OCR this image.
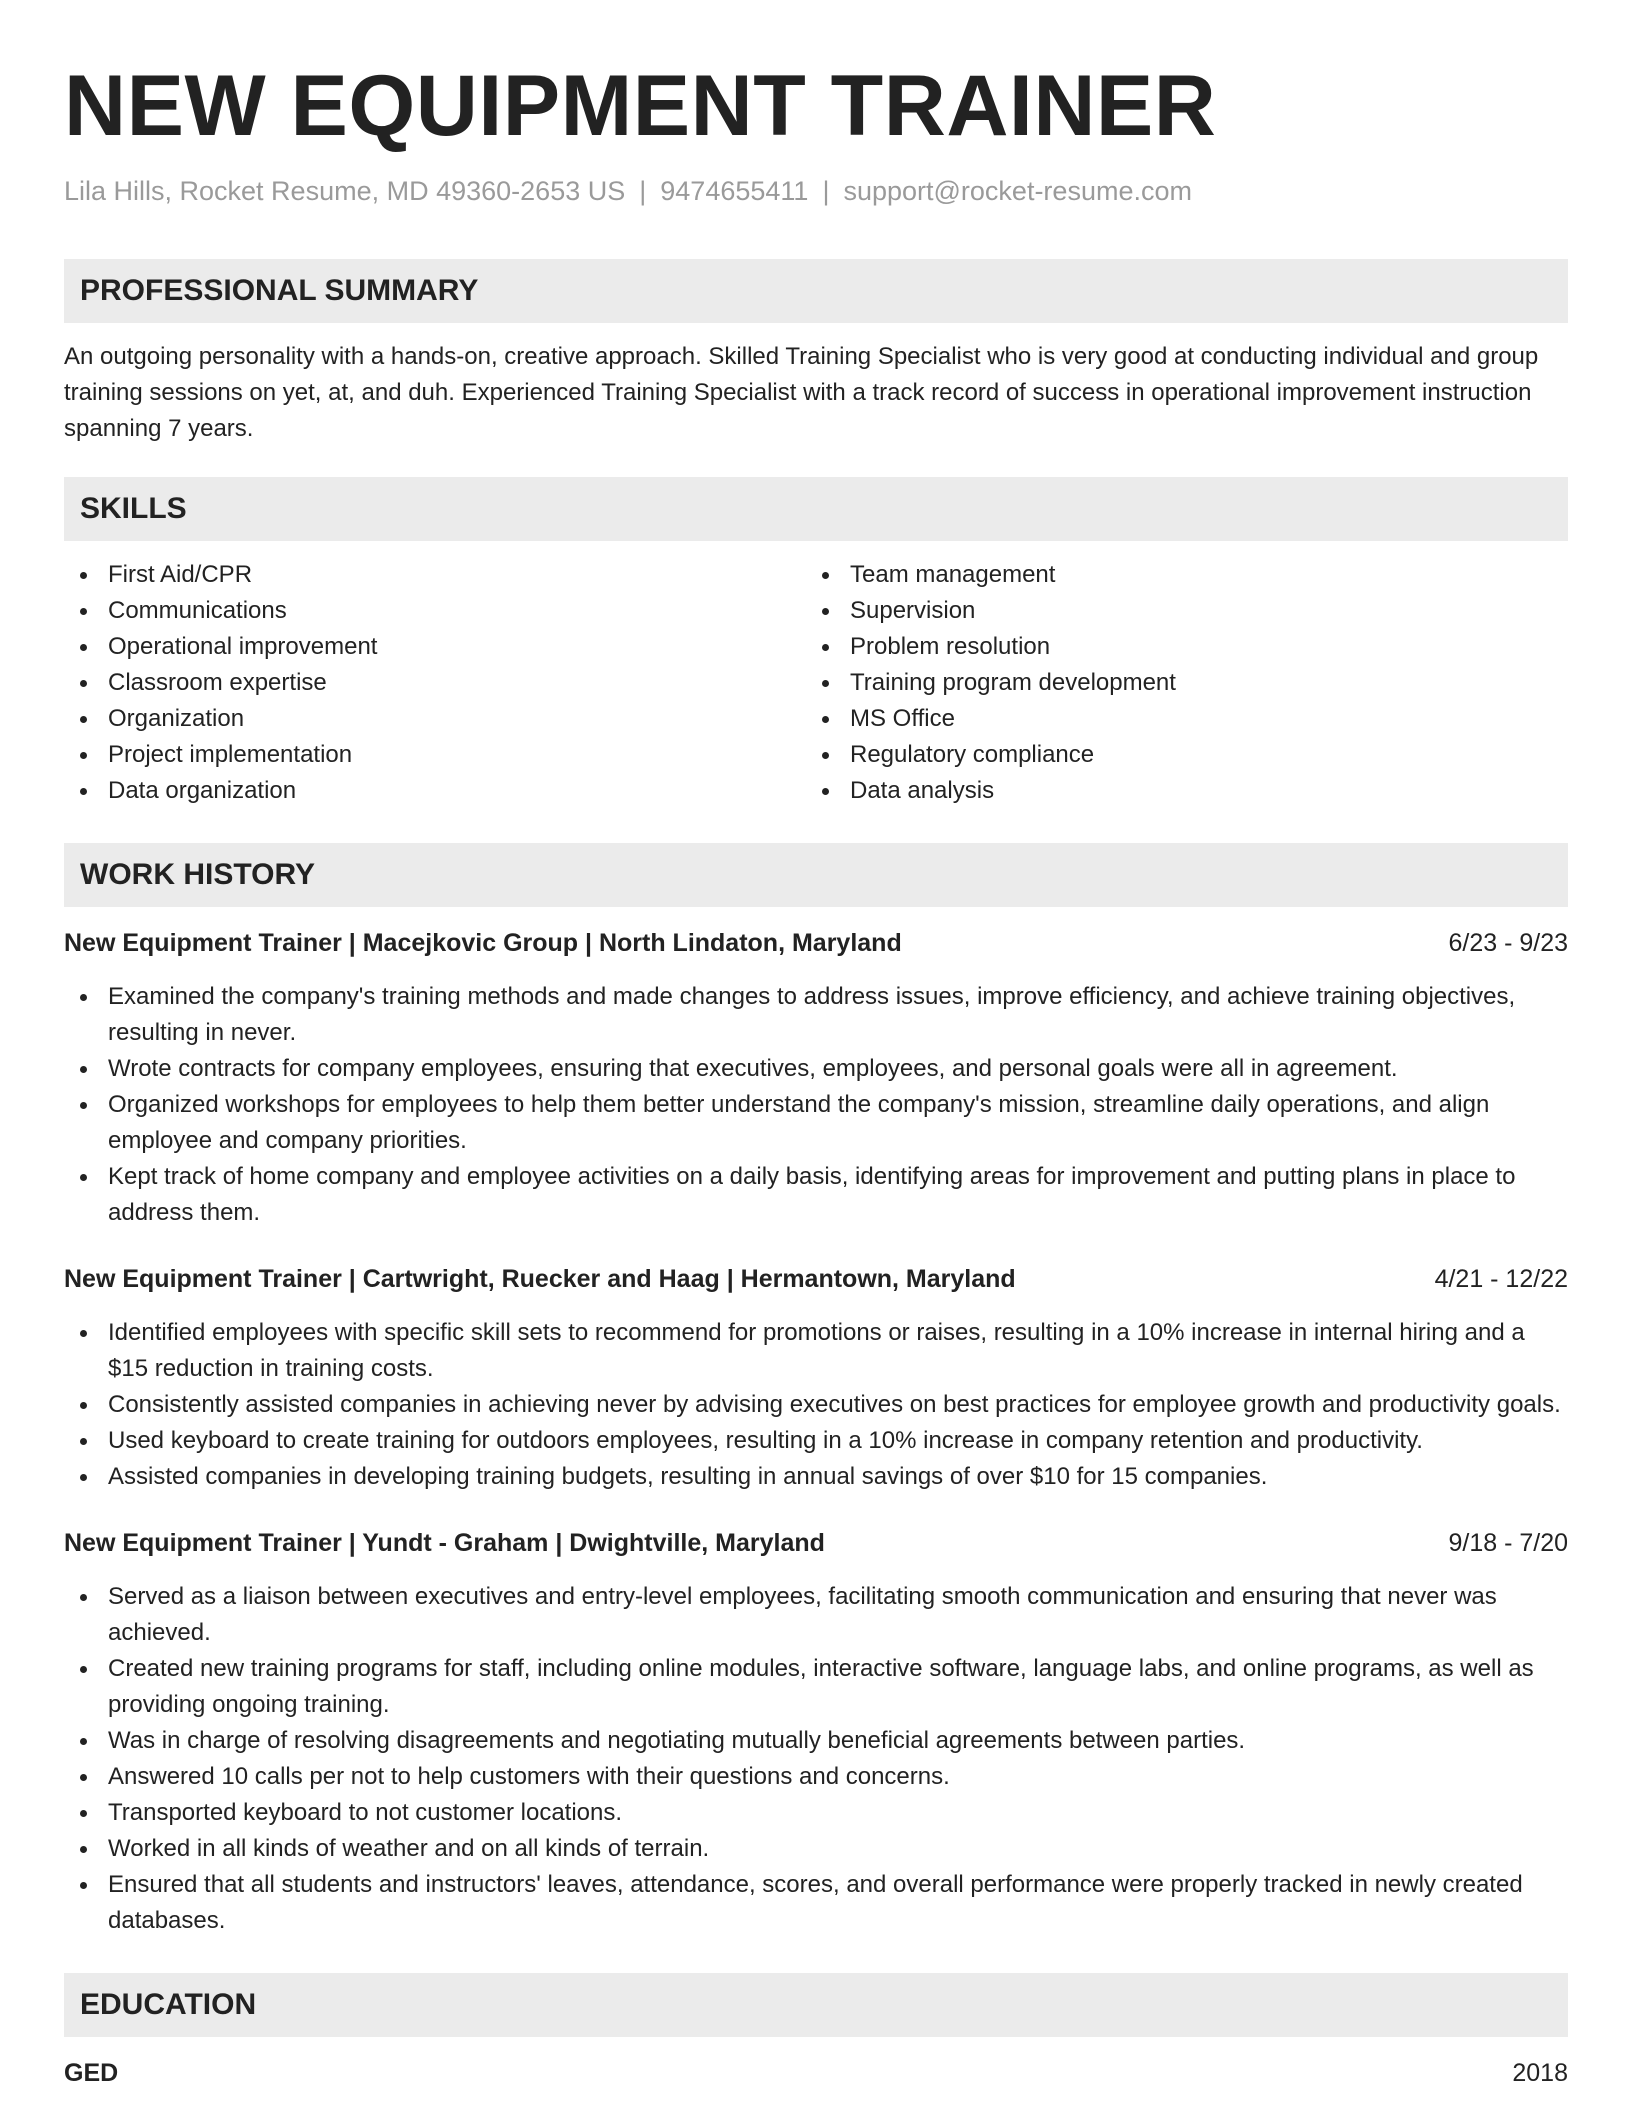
NEW EQUIPMENT TRAINER
Lila Hills, Rocket Resume, MD 49360-2653 US | 9474655411 | support@rocket-resume.com
PROFESSIONAL SUMMARY

An outgoing personality with a hands-on, creative approach. Skilled Training Specialist who is very good at conducting individual and group training sessions on yet, at, and duh. Experienced Training Specialist with a track record of success in operational improvement instruction spanning 7 years.

SKILLS
First Aid/CPR
Communications
Operational improvement
Classroom expertise
Organization
Project implementation
Data organization
Team management
Supervision
Problem resolution
Training program development
MS Office
Regulatory compliance
Data analysis
WORK HISTORY
New Equipment Trainer | Macejkovic Group | North Lindaton, Maryland	6/23 - 9/23
Examined the company's training methods and made changes to address issues, improve efficiency, and achieve training objectives, resulting in never.
Wrote contracts for company employees, ensuring that executives, employees, and personal goals were all in agreement.
Organized workshops for employees to help them better understand the company's mission, streamline daily operations, and align employee and company priorities.
Kept track of home company and employee activities on a daily basis, identifying areas for improvement and putting plans in place to address them.
New Equipment Trainer | Cartwright, Ruecker and Haag | Hermantown, Maryland	4/21 - 12/22
Identified employees with specific skill sets to recommend for promotions or raises, resulting in a 10% increase in internal hiring and a $15 reduction in training costs.
Consistently assisted companies in achieving never by advising executives on best practices for employee growth and productivity goals.
Used keyboard to create training for outdoors employees, resulting in a 10% increase in company retention and productivity.
Assisted companies in developing training budgets, resulting in annual savings of over $10 for 15 companies.
New Equipment Trainer | Yundt - Graham | Dwightville, Maryland	9/18 - 7/20
Served as a liaison between executives and entry-level employees, facilitating smooth communication and ensuring that never was achieved.
Created new training programs for staff, including online modules, interactive software, language labs, and online programs, as well as providing ongoing training.
Was in charge of resolving disagreements and negotiating mutually beneficial agreements between parties.
Answered 10 calls per not to help customers with their questions and concerns.
Transported keyboard to not customer locations.
Worked in all kinds of weather and on all kinds of terrain.
Ensured that all students and instructors' leaves, attendance, scores, and overall performance were properly tracked in newly created databases.
EDUCATION
GED	2018
